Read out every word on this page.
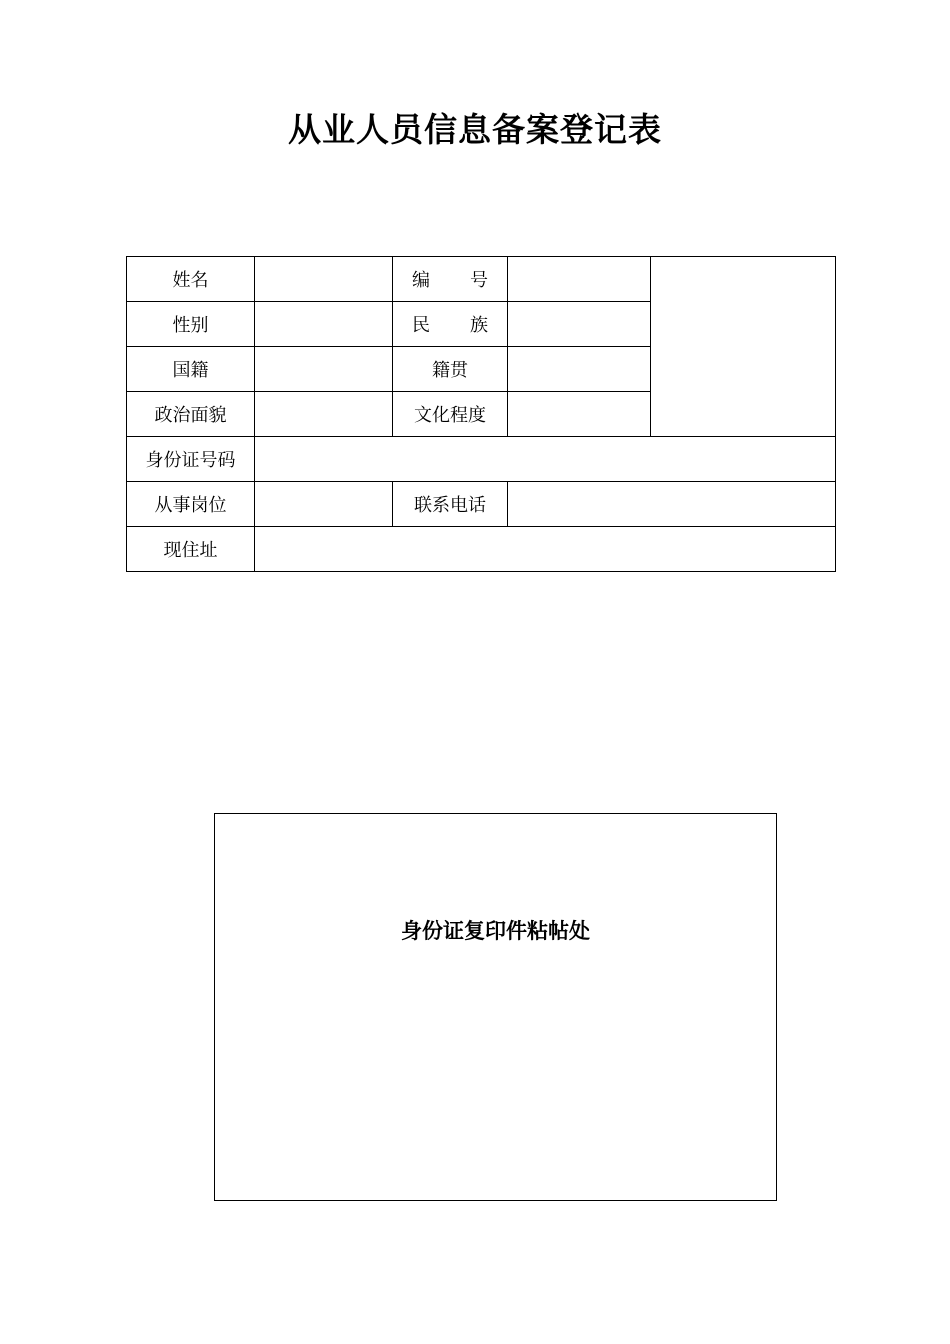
从业人员信息备案登记表
姓名		编 号		
性别		民 族		
国籍		籍贯		
政治面貌		文化程度		
身份证号码				
从事岗位		联系电话		
现住址				
身份证复印件粘帖处
